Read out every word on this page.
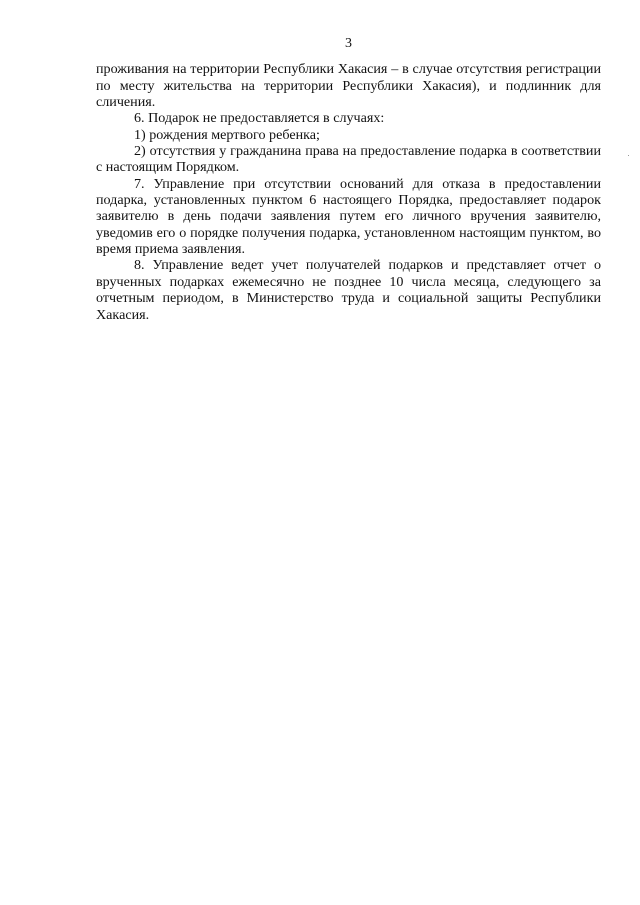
3

проживания на территории Республики Хакасия – в случае отсутствия регистрации по месту жительства на территории Республики Хакасия), и подлинник для сличения.

6. Подарок не предоставляется в случаях:

1) рождения мертвого ребенка;

2) отсутствия у гражданина права на предоставление подарка в соответствии с настоящим Порядком.

7. Управление при отсутствии оснований для отказа в предоставлении подарка, установленных пунктом 6 настоящего Порядка, предоставляет подарок заявителю в день подачи заявления путем его личного вручения заявителю, уведомив его о порядке получения подарка, установленном настоящим пунктом, во время приема заявления.

8. Управление ведет учет получателей подарков и представляет отчет о врученных подарках ежемесячно не позднее 10 числа месяца, следующего за отчетным периодом, в Министерство труда и социальной защиты Республики Хакасия.
